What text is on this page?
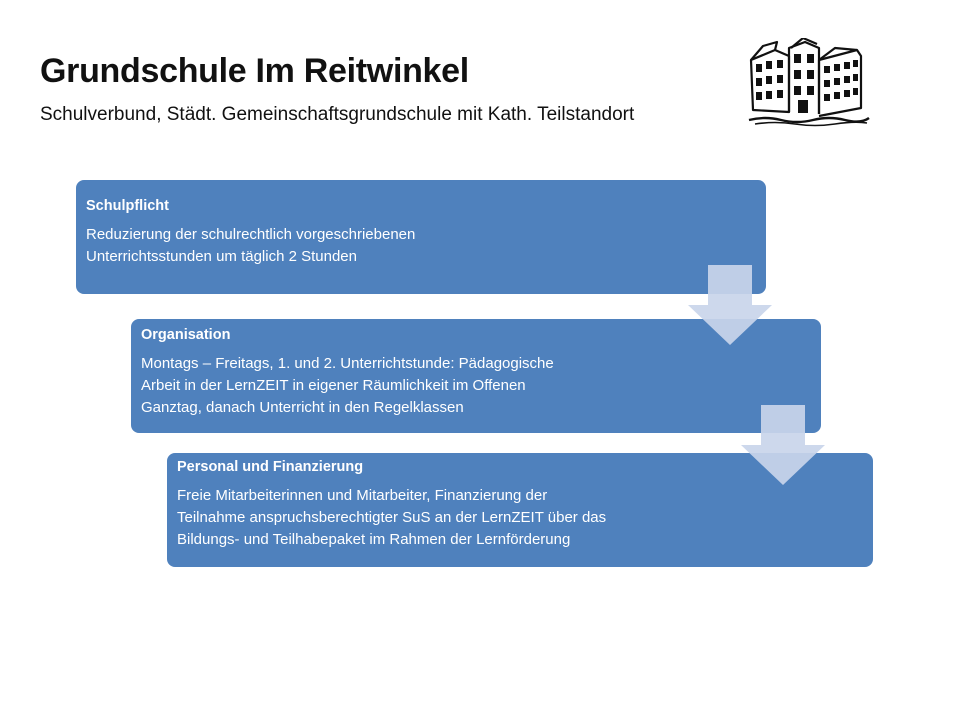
Grundschule Im Reitwinkel
Schulverbund, Städt. Gemeinschaftsgrundschule mit Kath. Teilstandort
Schulpflicht
Reduzierung der schulrechtlich vorgeschriebenen
Unterrichtsstunden um täglich 2 Stunden
Organisation
Montags – Freitags, 1. und 2. Unterrichtstunde: Pädagogische
Arbeit in der LernZEIT in eigener Räumlichkeit im Offenen
Ganztag, danach Unterricht in den Regelklassen
Personal und Finanzierung
Freie Mitarbeiterinnen und Mitarbeiter, Finanzierung der
Teilnahme anspruchsberechtigter SuS an der LernZEIT über das
Bildungs- und Teilhabepaket im Rahmen der Lernförderung
